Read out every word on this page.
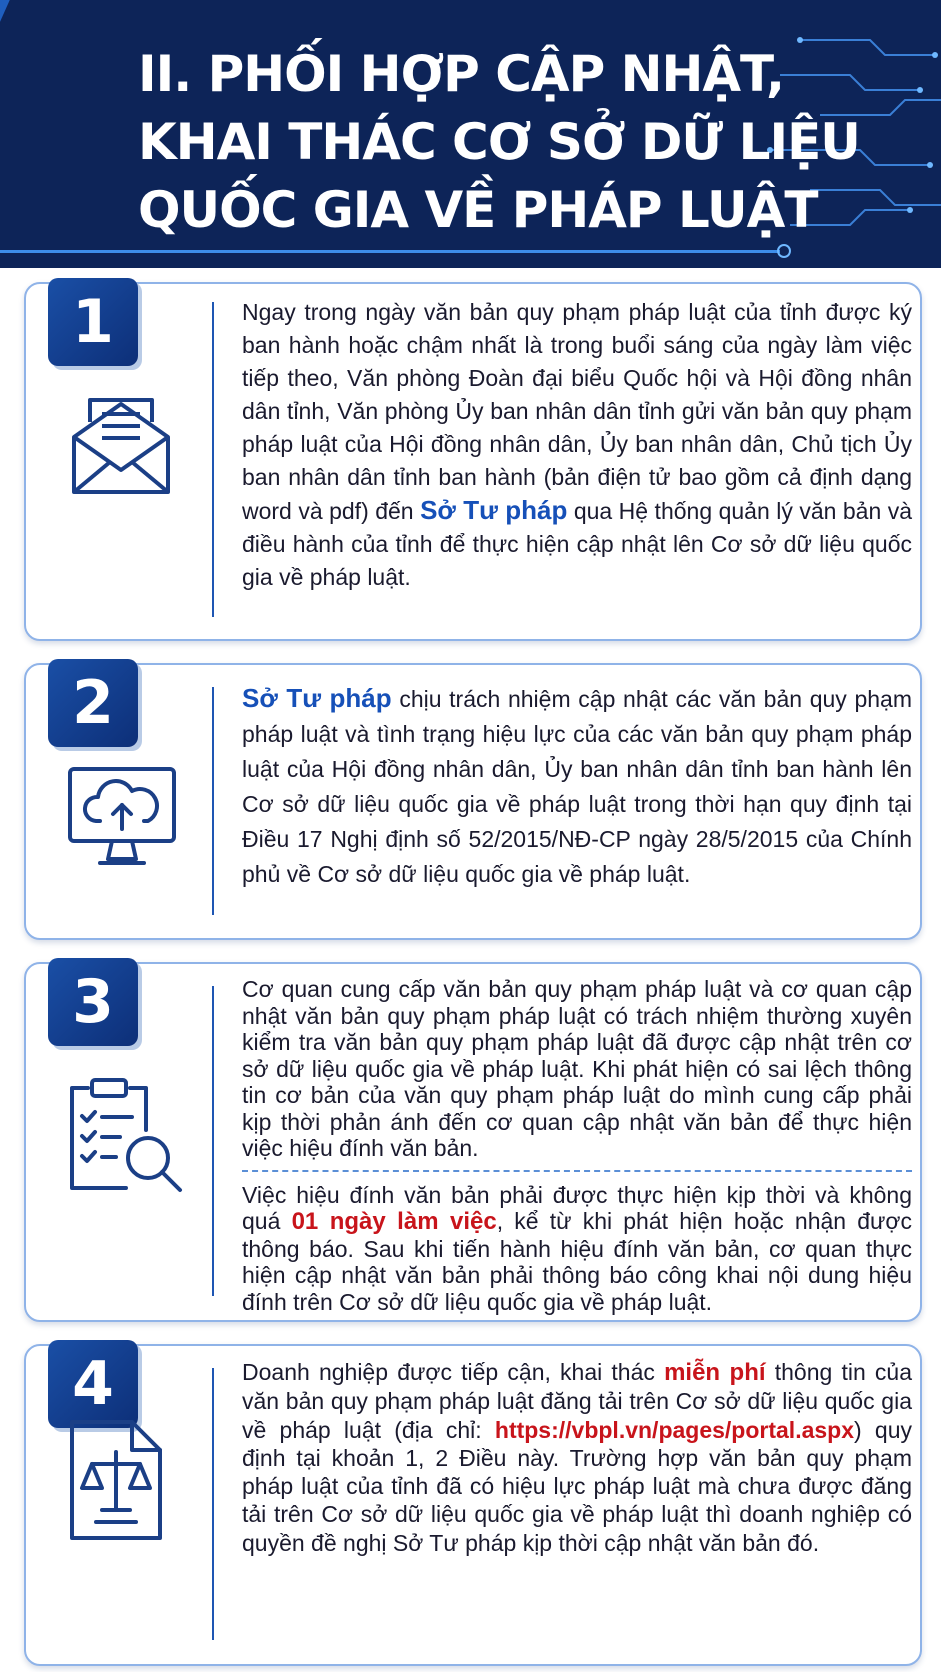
II. PHỐI HỢP CẬP NHẬT,
KHAI THÁC CƠ SỞ DỮ LIỆU
QUỐC GIA VỀ PHÁP LUẬT
1	Ngay trong ngày văn bản quy phạm pháp luật của tỉnh được ký ban hành hoặc chậm nhất là trong buổi sáng của ngày làm việc tiếp theo, Văn phòng Đoàn đại biểu Quốc hội và Hội đồng nhân dân tỉnh, Văn phòng Ủy ban nhân dân tỉnh gửi văn bản quy phạm pháp luật của Hội đồng nhân dân, Ủy ban nhân dân, Chủ tịch Ủy ban nhân dân tỉnh ban hành (bản điện tử bao gồm cả định dạng word và pdf) đến Sở Tư pháp qua Hệ thống quản lý văn bản và điều hành của tỉnh để thực hiện cập nhật lên Cơ sở dữ liệu quốc gia về pháp luật.
2	Sở Tư pháp chịu trách nhiệm cập nhật các văn bản quy phạm pháp luật và tình trạng hiệu lực của các văn bản quy phạm pháp luật của Hội đồng nhân dân, Ủy ban nhân dân tỉnh ban hành lên Cơ sở dữ liệu quốc gia về pháp luật trong thời hạn quy định tại Điều 17 Nghị định số 52/2015/NĐ-CP ngày 28/5/2015 của Chính phủ về Cơ sở dữ liệu quốc gia về pháp luật.
3	Cơ quan cung cấp văn bản quy phạm pháp luật và cơ quan cập nhật văn bản quy phạm pháp luật có trách nhiệm thường xuyên kiểm tra văn bản quy phạm pháp luật đã được cập nhật trên cơ sở dữ liệu quốc gia về pháp luật. Khi phát hiện có sai lệch thông tin cơ bản của văn quy phạm pháp luật do mình cung cấp phải kịp thời phản ánh đến cơ quan cập nhật văn bản để thực hiện việc hiệu đính văn bản.

Việc hiệu đính văn bản phải được thực hiện kịp thời và không quá 01 ngày làm việc, kể từ khi phát hiện hoặc nhận được thông báo. Sau khi tiến hành hiệu đính văn bản, cơ quan thực hiện cập nhật văn bản phải thông báo công khai nội dung hiệu đính trên Cơ sở dữ liệu quốc gia về pháp luật.

4	Doanh nghiệp được tiếp cận, khai thác miễn phí thông tin của văn bản quy phạm pháp luật đăng tải trên Cơ sở dữ liệu quốc gia về pháp luật (địa chỉ: https://vbpl.vn/pages/portal.aspx) quy định tại khoản 1, 2 Điều này. Trường hợp văn bản quy phạm pháp luật của tỉnh đã có hiệu lực pháp luật mà chưa được đăng tải trên Cơ sở dữ liệu quốc gia về pháp luật thì doanh nghiệp có quyền đề nghị Sở Tư pháp kịp thời cập nhật văn bản đó.
